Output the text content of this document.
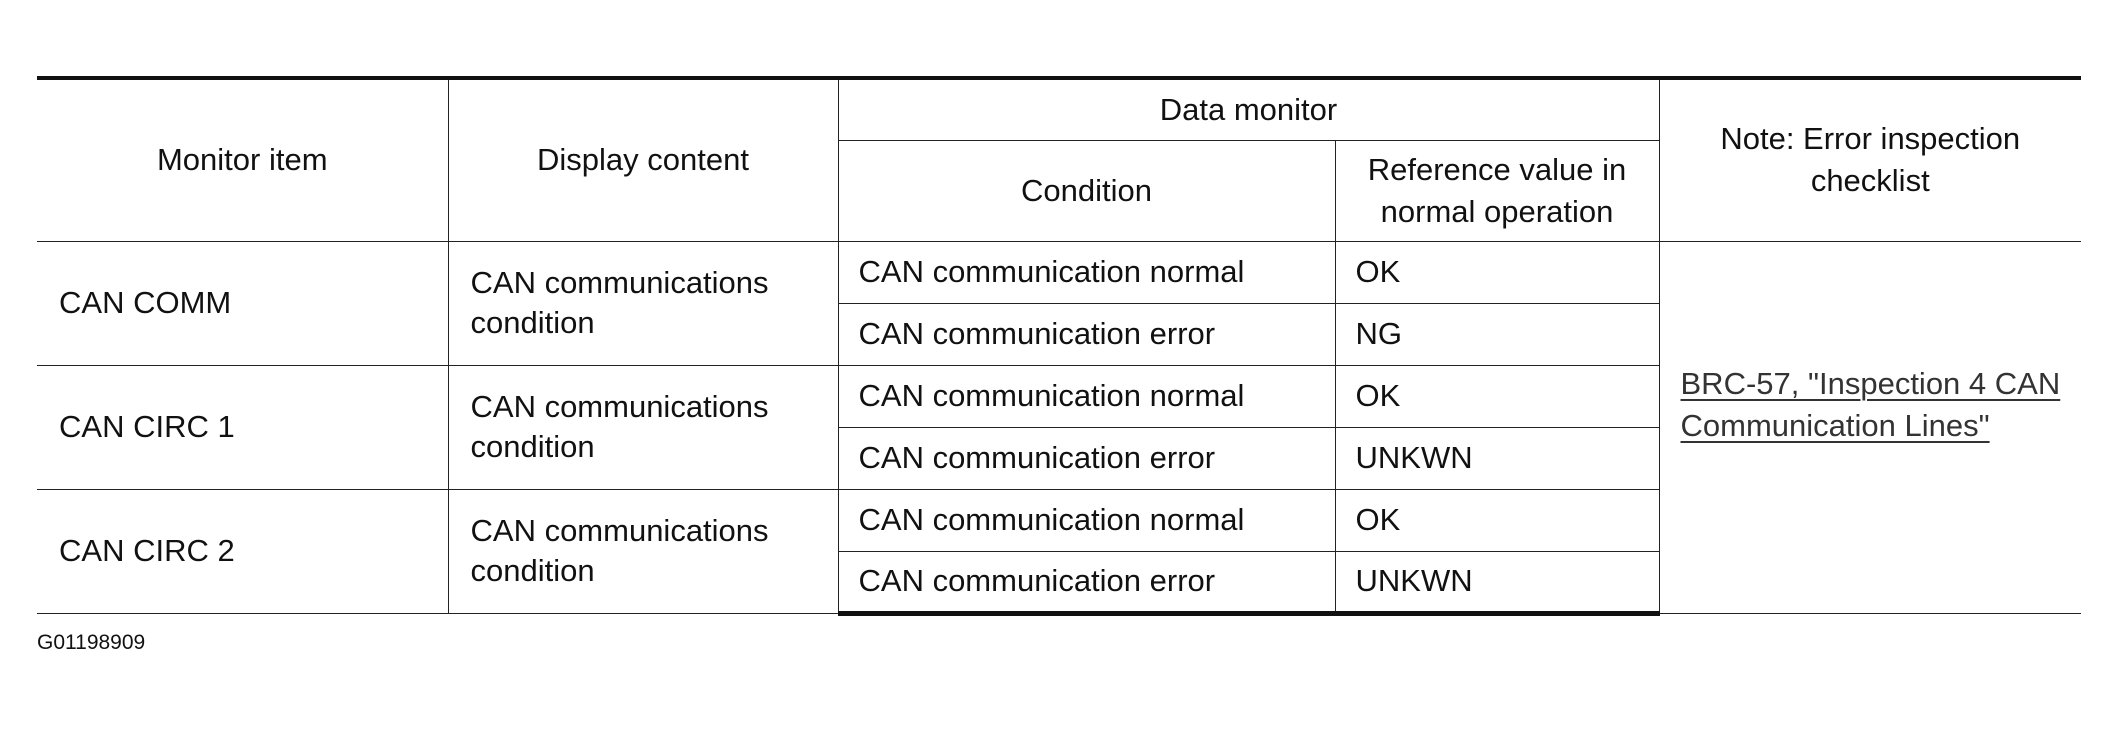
Monitor item	Display content	Data monitor		Note: Error inspection checklist
		Condition	Reference value in normal operation	
CAN COMM	CAN communications condition	CAN communication normal	OK	BRC-57, "Inspection 4 CAN Communication Lines"
		CAN communication error	NG	
CAN CIRC 1	CAN communications condition	CAN communication normal	OK	
		CAN communication error	UNKWN	
CAN CIRC 2	CAN communications condition	CAN communication normal	OK	
		CAN communication error	UNKWN	
G01198909
